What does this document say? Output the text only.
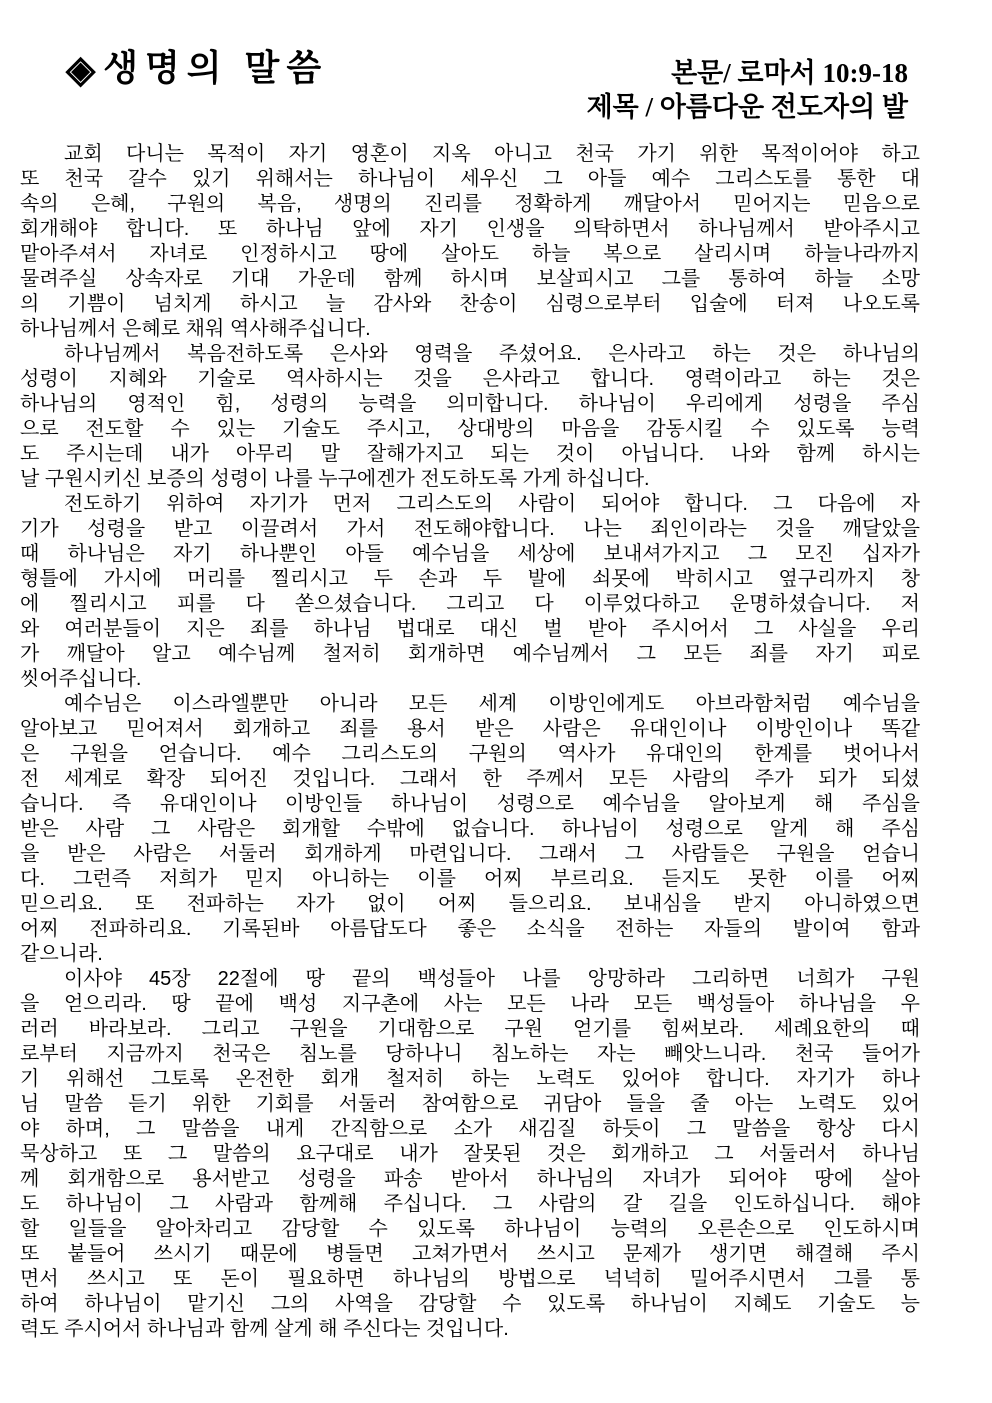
◈ 생명의 말씀	본문/ 로마서 10:9-18
제목 / 아름다운 전도자의 발
교회 다니는 목적이 자기 영혼이 지옥 아니고 천국 가기 위한 목적이어야 하고
또 천국 갈수 있기 위해서는 하나님이 세우신 그 아들 예수 그리스도를 통한 대
속의 은혜, 구원의 복음, 생명의 진리를 정확하게 깨달아서 믿어지는 믿음으로
회개해야 합니다. 또 하나님 앞에 자기 인생을 의탁하면서 하나님께서 받아주시고
맡아주셔서 자녀로 인정하시고 땅에 살아도 하늘 복으로 살리시며 하늘나라까지
물려주실 상속자로 기대 가운데 함께 하시며 보살피시고 그를 통하여 하늘 소망
의 기쁨이 넘치게 하시고 늘 감사와 찬송이 심령으로부터 입술에 터져 나오도록
하나님께서 은혜로 채워 역사해주십니다.
하나님께서 복음전하도록 은사와 영력을 주셨어요. 은사라고 하는 것은 하나님의
성령이 지혜와 기술로 역사하시는 것을 은사라고 합니다. 영력이라고 하는 것은
하나님의 영적인 힘, 성령의 능력을 의미합니다. 하나님이 우리에게 성령을 주심
으로 전도할 수 있는 기술도 주시고, 상대방의 마음을 감동시킬 수 있도록 능력
도 주시는데 내가 아무리 말 잘해가지고 되는 것이 아닙니다. 나와 함께 하시는
날 구원시키신 보증의 성령이 나를 누구에겐가 전도하도록 가게 하십니다.
전도하기 위하여 자기가 먼저 그리스도의 사람이 되어야 합니다. 그 다음에 자
기가 성령을 받고 이끌려서 가서 전도해야합니다. 나는 죄인이라는 것을 깨달았을
때 하나님은 자기 하나뿐인 아들 예수님을 세상에 보내셔가지고 그 모진 십자가
형틀에 가시에 머리를 찔리시고 두 손과 두 발에 쇠못에 박히시고 옆구리까지 창
에 찔리시고 피를 다 쏟으셨습니다. 그리고 다 이루었다하고 운명하셨습니다. 저
와 여러분들이 지은 죄를 하나님 법대로 대신 벌 받아 주시어서 그 사실을 우리
가 깨달아 알고 예수님께 철저히 회개하면 예수님께서 그 모든 죄를 자기 피로
씻어주십니다.
예수님은 이스라엘뿐만 아니라 모든 세계 이방인에게도 아브라함처럼 예수님을
알아보고 믿어져서 회개하고 죄를 용서 받은 사람은 유대인이나 이방인이나 똑같
은 구원을 얻습니다. 예수 그리스도의 구원의 역사가 유대인의 한계를 벗어나서
전 세계로 확장 되어진 것입니다. 그래서 한 주께서 모든 사람의 주가 되가 되셨
습니다. 즉 유대인이나 이방인들 하나님이 성령으로 예수님을 알아보게 해 주심을
받은 사람 그 사람은 회개할 수밖에 없습니다. 하나님이 성령으로 알게 해 주심
을 받은 사람은 서둘러 회개하게 마련입니다. 그래서 그 사람들은 구원을 얻습니
다. 그런즉 저희가 믿지 아니하는 이를 어찌 부르리요. 듣지도 못한 이를 어찌
믿으리요. 또 전파하는 자가 없이 어찌 들으리요. 보내심을 받지 아니하였으면
어찌 전파하리요. 기록된바 아름답도다 좋은 소식을 전하는 자들의 발이여 함과
같으니라.
이사야 45장 22절에 땅 끝의 백성들아 나를 앙망하라 그리하면 너희가 구원
을 얻으리라. 땅 끝에 백성 지구촌에 사는 모든 나라 모든 백성들아 하나님을 우
러러 바라보라. 그리고 구원을 기대함으로 구원 얻기를 힘써보라. 세례요한의 때
로부터 지금까지 천국은 침노를 당하나니 침노하는 자는 빼앗느니라. 천국 들어가
기 위해선 그토록 온전한 회개 철저히 하는 노력도 있어야 합니다. 자기가 하나
님 말씀 듣기 위한 기회를 서둘러 참여함으로 귀담아 들을 줄 아는 노력도 있어
야 하며, 그 말씀을 내게 간직함으로 소가 새김질 하듯이 그 말씀을 항상 다시
묵상하고 또 그 말씀의 요구대로 내가 잘못된 것은 회개하고 그 서둘러서 하나님
께 회개함으로 용서받고 성령을 파송 받아서 하나님의 자녀가 되어야 땅에 살아
도 하나님이 그 사람과 함께해 주십니다. 그 사람의 갈 길을 인도하십니다. 해야
할 일들을 알아차리고 감당할 수 있도록 하나님이 능력의 오른손으로 인도하시며
또 붙들어 쓰시기 때문에 병들면 고쳐가면서 쓰시고 문제가 생기면 해결해 주시
면서 쓰시고 또 돈이 필요하면 하나님의 방법으로 넉넉히 밀어주시면서 그를 통
하여 하나님이 맡기신 그의 사역을 감당할 수 있도록 하나님이 지혜도 기술도 능
력도 주시어서 하나님과 함께 살게 해 주신다는 것입니다.
